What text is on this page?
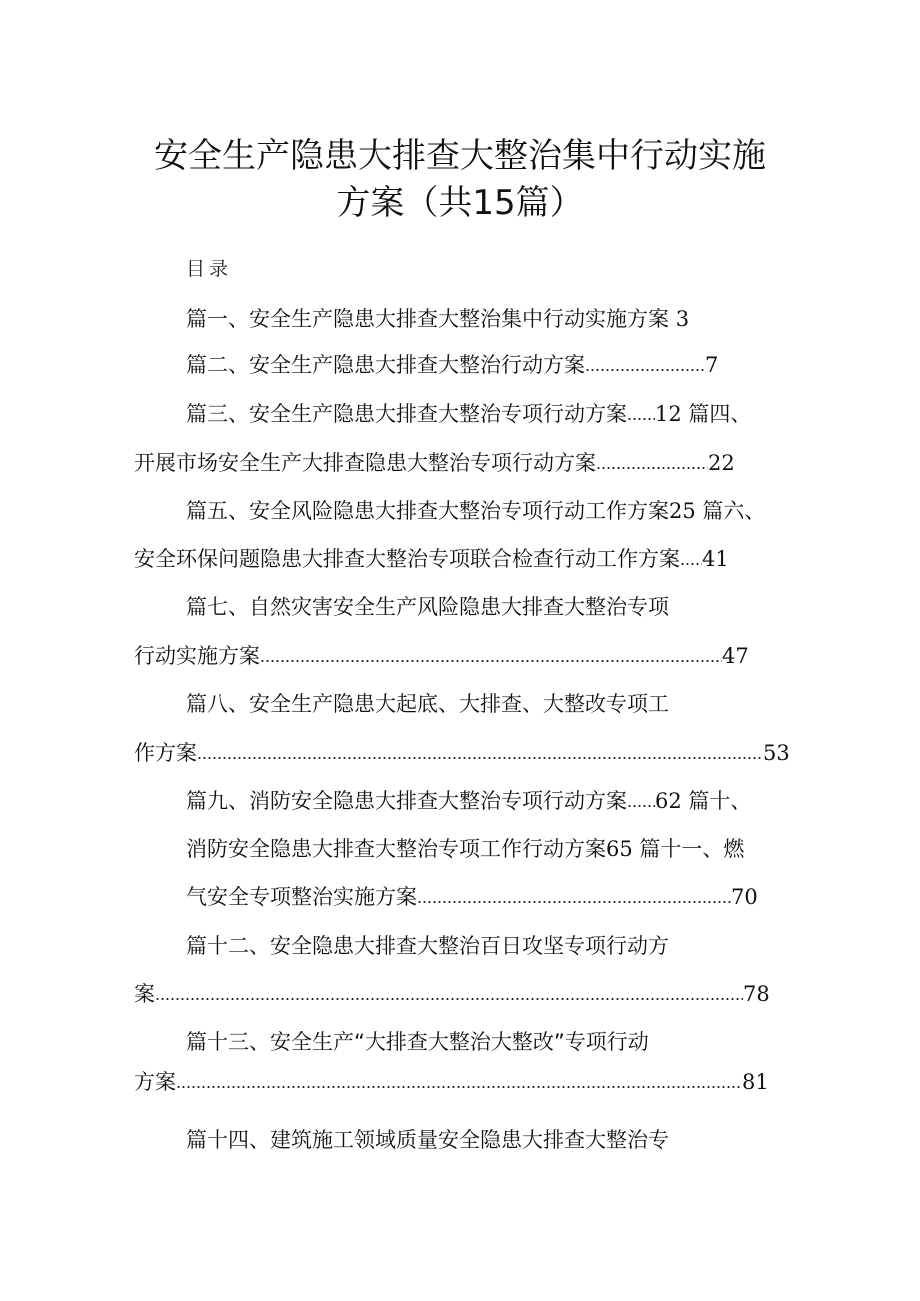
安全生产隐患大排查大整治集中行动实施
方案（共15篇）
目录
篇一、安全生产隐患大排查大整治集中行动实施方案 3
篇二、安全生产隐患大排查大整治行动方案	7
篇三、安全生产隐患大排查大整治专项行动方案 12 篇四、
开展市场安全生产大排查隐患大整治专项行动方案	22
篇五、安全风险隐患大排查大整治专项行动工作方案25 篇六、
安全环保问题隐患大排查大整治专项联合检查行动工作方案 41
篇七、自然灾害安全生产风险隐患大排查大整治专项
行动实施方案	47
篇八、安全生产隐患大起底、大排查、大整改专项工
作方案	53
篇九、消防安全隐患大排查大整治专项行动方案 62 篇十、
消防安全隐患大排查大整治专项工作行动方案65 篇十一、燃
气安全专项整治实施方案	70
篇十二、安全隐患大排查大整治百日攻坚专项行动方
案	78
篇十三、安全生产“大排查大整治大整改”专项行动
方案	81
篇十四、建筑施工领域质量安全隐患大排查大整治专
